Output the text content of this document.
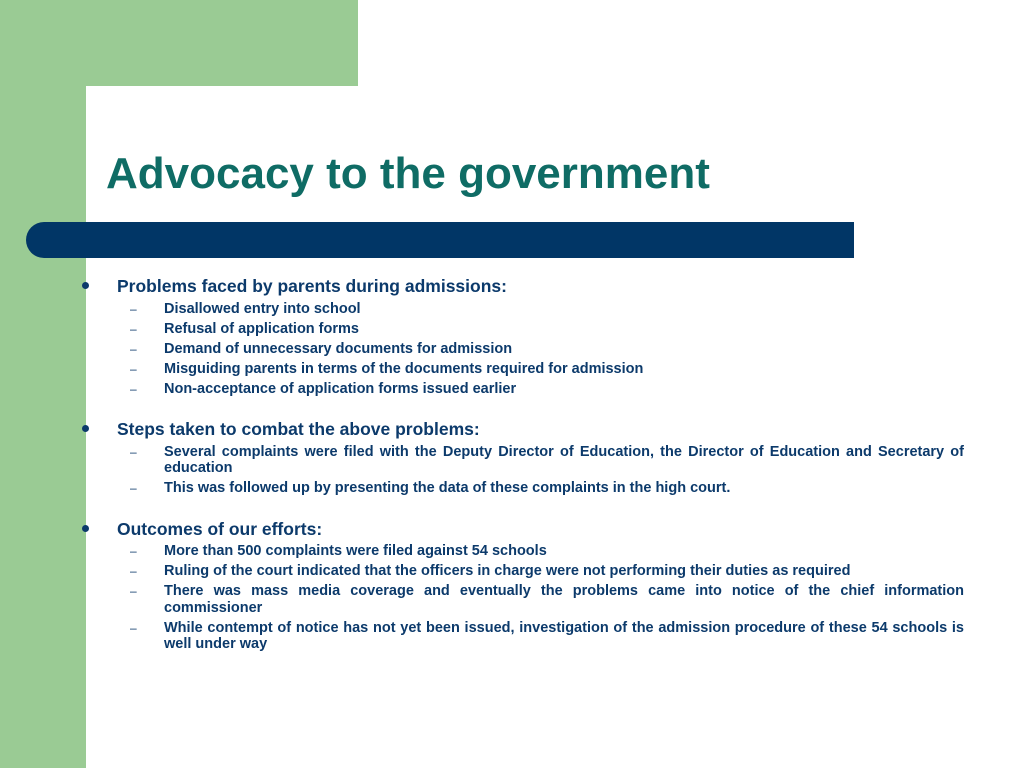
Advocacy to the government
Problems faced by parents during admissions:
– Disallowed entry into school
– Refusal of application forms
– Demand of unnecessary documents for admission
– Misguiding parents in terms of the documents required for admission
– Non-acceptance of application forms issued earlier
Steps taken to combat the above problems:
– Several complaints were filed with the Deputy Director of Education, the Director of Education and Secretary of education
– This was followed up by presenting the data of these complaints in the high court.
Outcomes of our efforts:
– More than 500 complaints were filed against 54 schools
– Ruling of the court indicated that the officers in charge were not performing their duties as required
– There was mass media coverage and eventually the problems came into notice of the chief information commissioner
– While contempt of notice has not yet been issued, investigation of the admission procedure of these 54 schools is well under way
